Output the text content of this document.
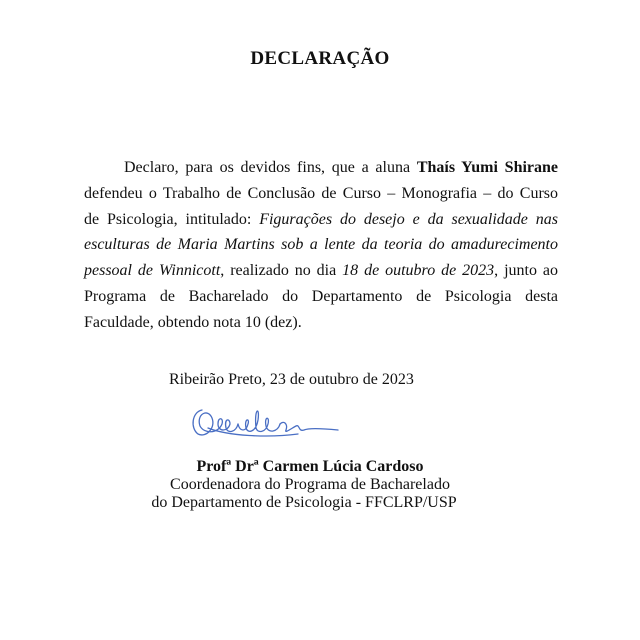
DECLARAÇÃO
Declaro, para os devidos fins, que a aluna Thaís Yumi Shirane
defendeu o Trabalho de Conclusão de Curso – Monografia – do Curso
de Psicologia, intitulado: Figurações do desejo e da sexualidade nas
esculturas de Maria Martins sob a lente da teoria do amadurecimento
pessoal de Winnicott, realizado no dia 18 de outubro de 2023, junto ao
Programa de Bacharelado do Departamento de Psicologia desta
Faculdade, obtendo nota 10 (dez).
Ribeirão Preto, 23 de outubro de 2023
Profª Drª Carmen Lúcia Cardoso
Coordenadora do Programa de Bacharelado
do Departamento de Psicologia - FFCLRP/USP
